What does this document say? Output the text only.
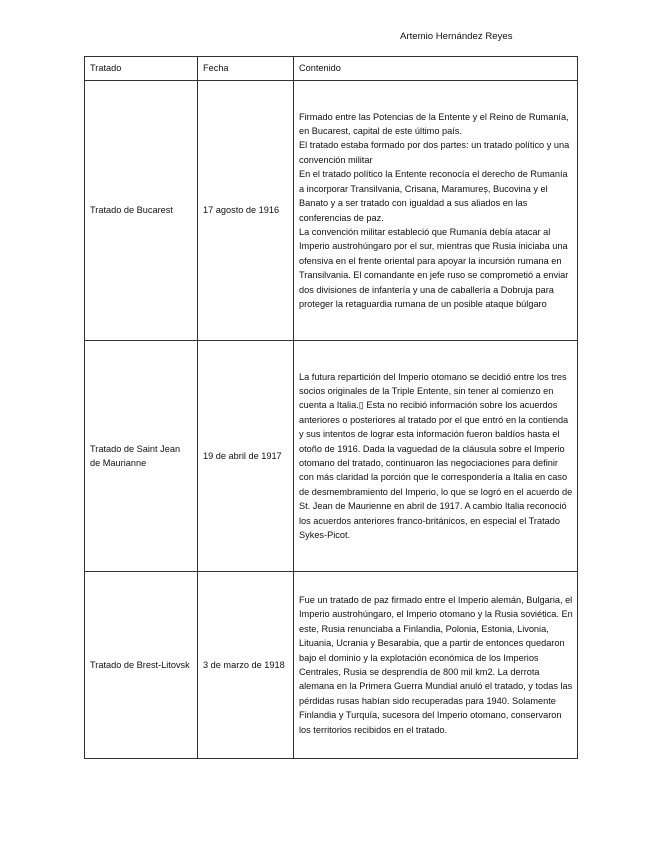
Artemio Hernández Reyes
Tratado	Fecha	Contenido
Tratado de Bucarest	17 agosto de 1916	Firmado entre las Potencias de la Entente y el Reino de Rumanía, en Bucarest, capital de este último país.

El tratado estaba formado por dos partes: un tratado político y una convención militar

En el tratado político la Entente reconocía el derecho de Rumanía a incorporar Transilvania, Crisana, Maramureș, Bucovina y el Banato y a ser tratado con igualdad a sus aliados en las conferencias de paz.

La convención militar estableció que Rumanía debía atacar al Imperio austrohúngaro por el sur, mientras que Rusia iniciaba una ofensiva en el frente oriental para apoyar la incursión rumana en Transilvania. El comandante en jefe ruso se comprometió a enviar dos divisiones de infantería y una de caballería a Dobruja para proteger la retaguardia rumana de un posible ataque búlgaro

Tratado de Saint Jean de Maurianne	19 de abril de 1917	La futura repartición del Imperio otomano se decidió entre los tres socios originales de la Triple Entente, sin tener al comienzo en cuenta a Italia.▯ Esta no recibió información sobre los acuerdos anteriores o posteriores al tratado por el que entró en la contienda y sus intentos de lograr esta información fueron baldíos hasta el otoño de 1916. Dada la vaguedad de la cláusula sobre el Imperio otomano del tratado, continuaron las negociaciones para definir con más claridad la porción que le correspondería a Italia en caso de desmembramiento del Imperio, lo que se logró en el acuerdo de St. Jean de Maurienne en abril de 1917. A cambio Italia reconoció los acuerdos anteriores franco-británicos, en especial el Tratado Sykes-Picot.

Tratado de Brest-Litovsk	3 de marzo de 1918	Fue un tratado de paz firmado entre el Imperio alemán, Bulgaria, el Imperio austrohúngaro, el Imperio otomano y la Rusia soviética. En este, Rusia renunciaba a Finlandia, Polonia, Estonia, Livonia, Lituania, Ucrania y Besarabia, que a partir de entonces quedaron bajo el dominio y la explotación económica de los Imperios Centrales, Rusia se desprendía de 800 mil km2. La derrota alemana en la Primera Guerra Mundial anuló el tratado, y todas las pérdidas rusas habían sido recuperadas para 1940. Solamente Finlandia y Turquía, sucesora del Imperio otomano, conservaron los territorios recibidos en el tratado.
